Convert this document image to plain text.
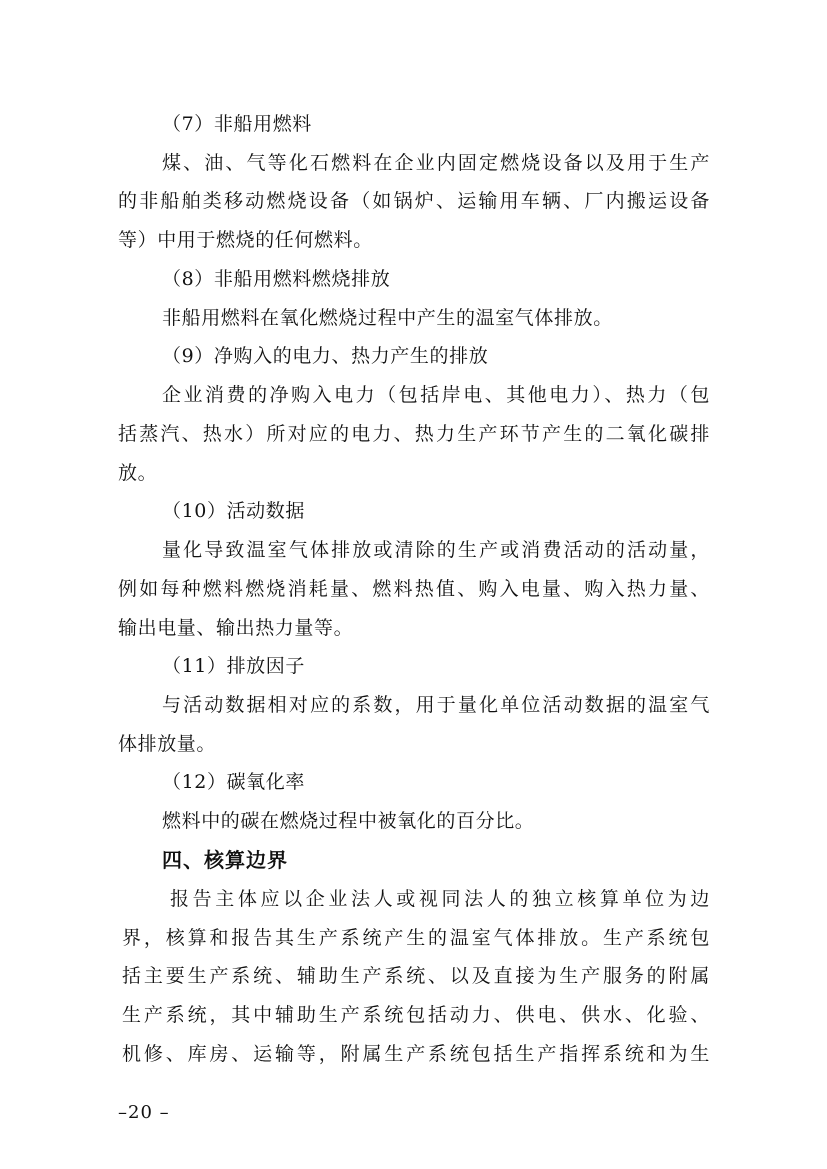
（7）非船用燃料
煤、油、气等化石燃料在企业内固定燃烧设备以及用于生产
的非船舶类移动燃烧设备（如锅炉、运输用车辆、厂内搬运设备
等）中用于燃烧的任何燃料。
（8）非船用燃料燃烧排放
非船用燃料在氧化燃烧过程中产生的温室气体排放。
（9）净购入的电力、热力产生的排放
企业消费的净购入电力（包括岸电、其他电力）、热力（包
括蒸汽、热水）所对应的电力、热力生产环节产生的二氧化碳排
放。
（10）活动数据
量化导致温室气体排放或清除的生产或消费活动的活动量，
例如每种燃料燃烧消耗量、燃料热值、购入电量、购入热力量、
输出电量、输出热力量等。
（11）排放因子
与活动数据相对应的系数，用于量化单位活动数据的温室气
体排放量。
（12）碳氧化率
燃料中的碳在燃烧过程中被氧化的百分比。
四、核算边界
报告主体应以企业法人或视同法人的独立核算单位为边
界，核算和报告其生产系统产生的温室气体排放。生产系统包
括主要生产系统、辅助生产系统、以及直接为生产服务的附属
生产系统，其中辅助生产系统包括动力、供电、供水、化验、
机修、库房、运输等，附属生产系统包括生产指挥系统和为生
–20 –
